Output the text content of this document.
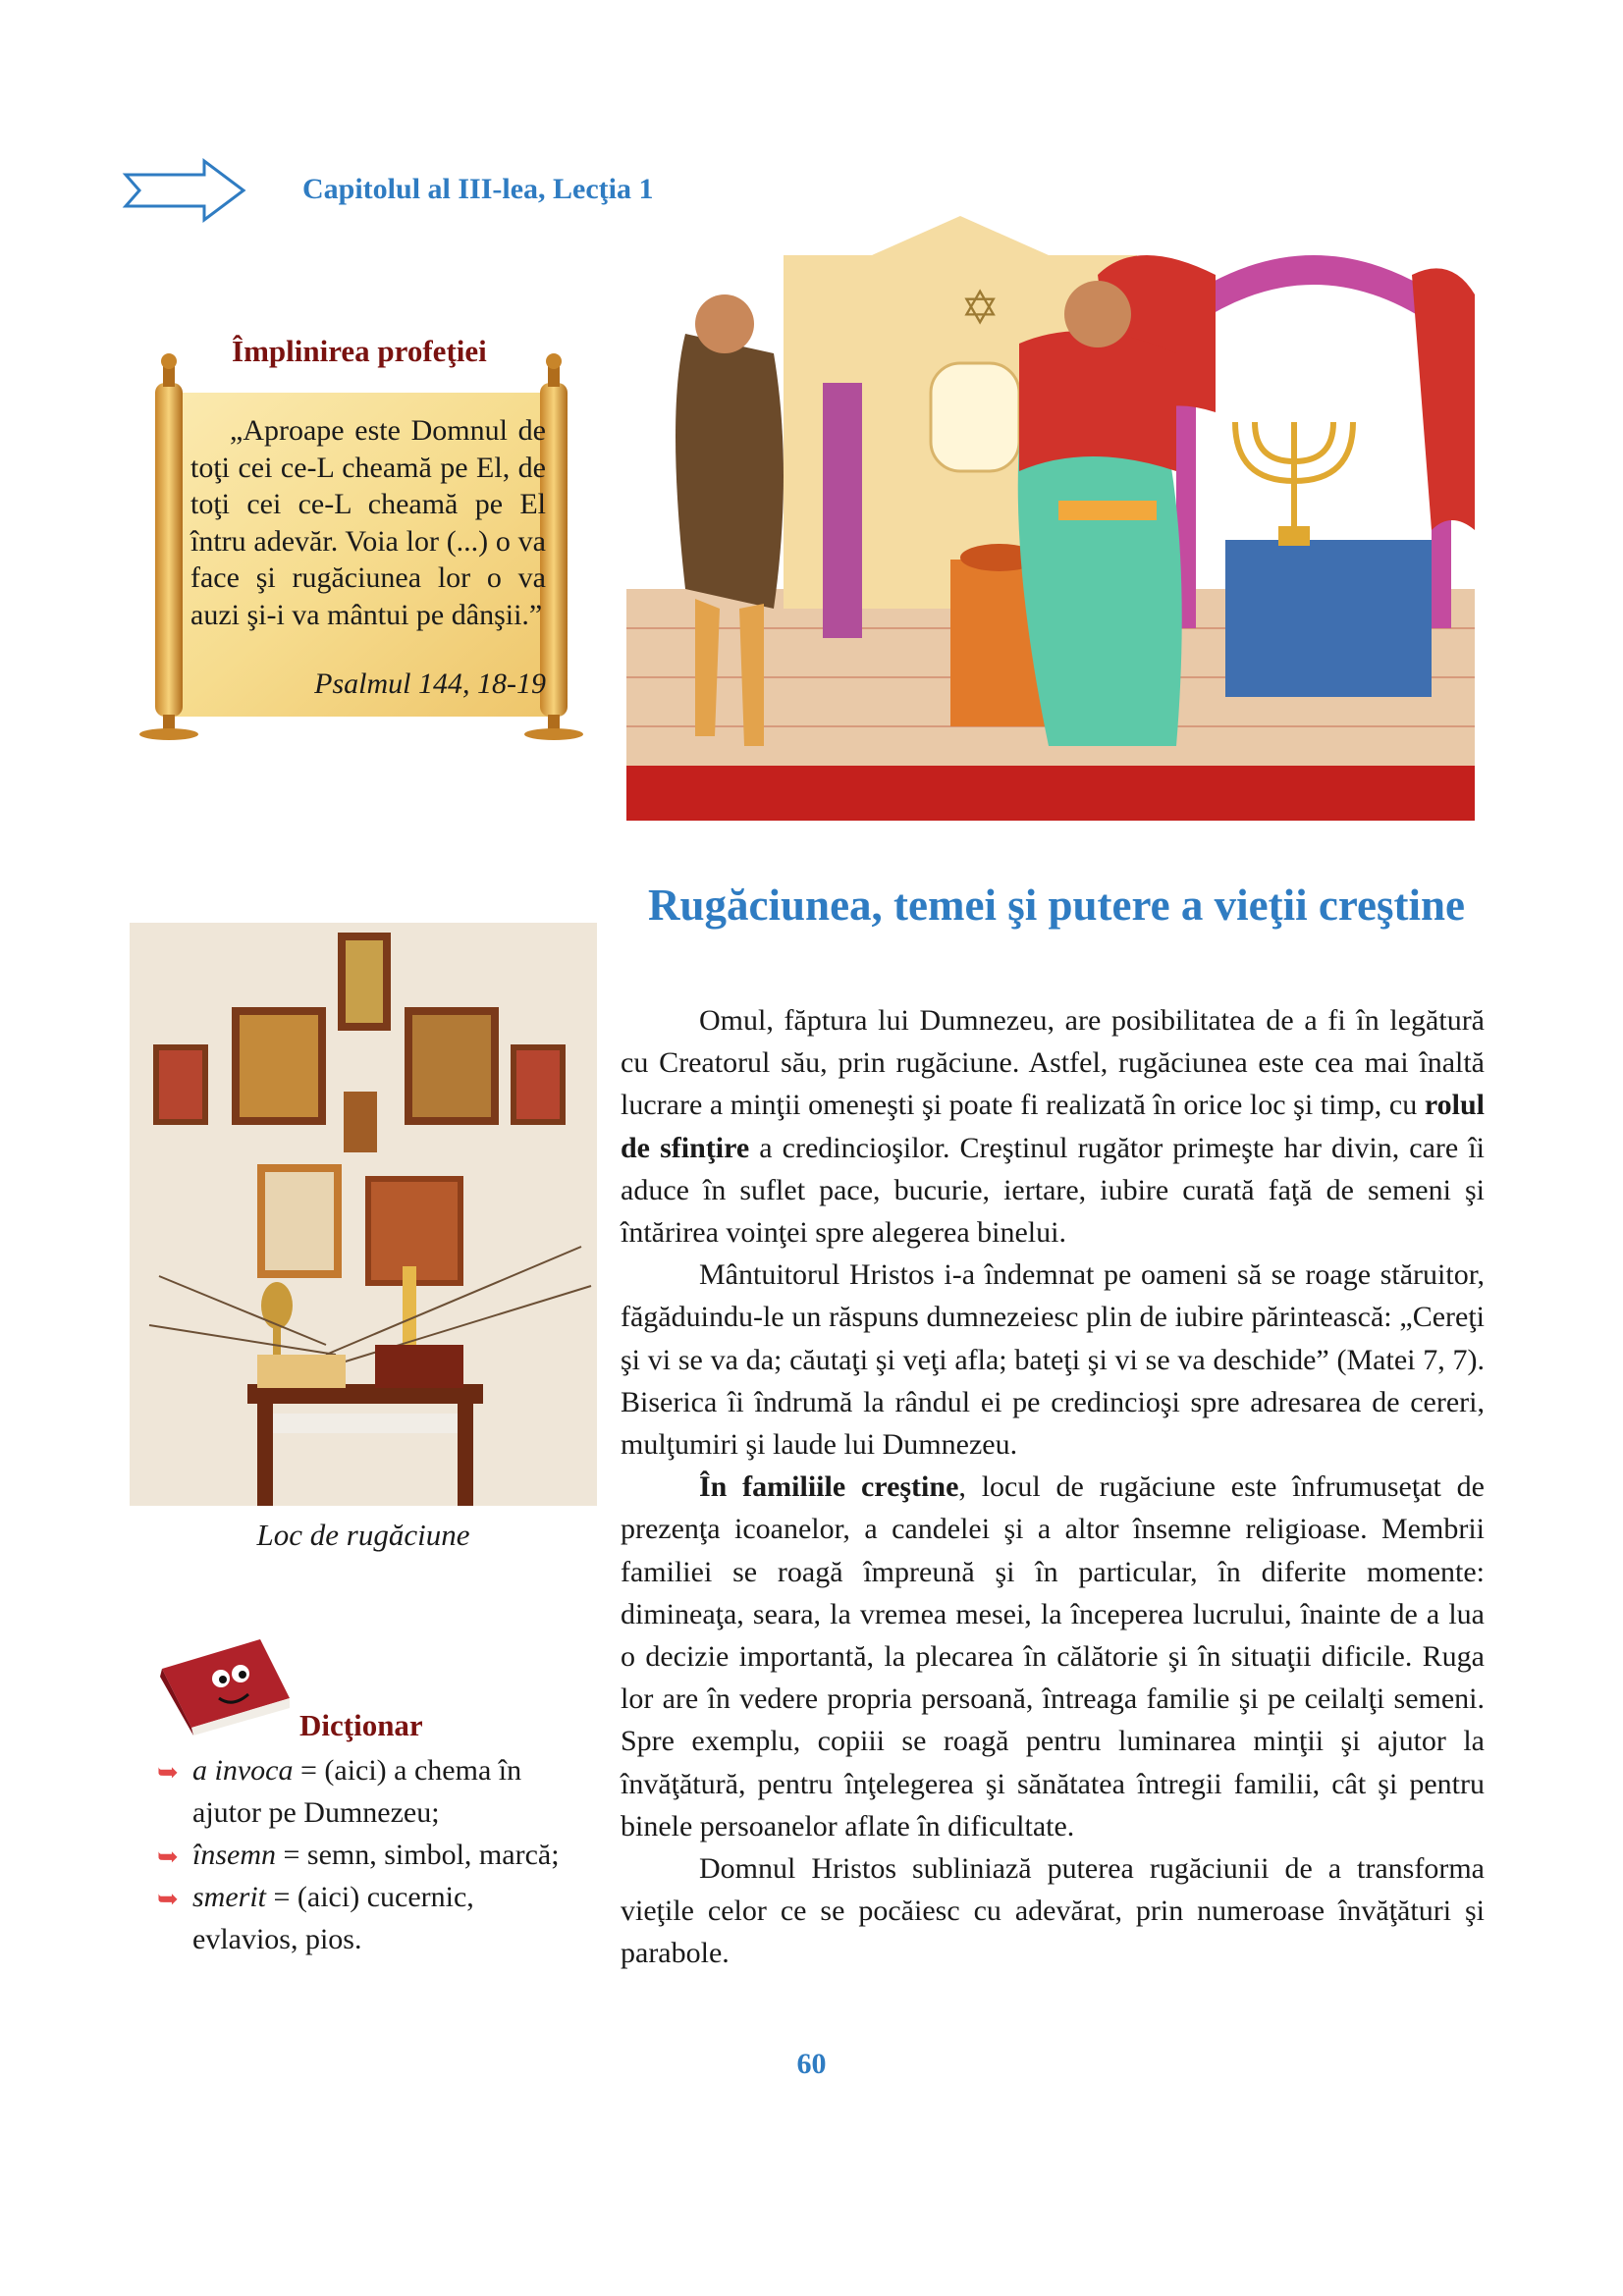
Capitolul al III-lea, Lecţia 1
Împlinirea profeţiei
„Aproape este Domnul de toţi cei ce-L cheamă pe El, de toţi cei ce-L cheamă pe El întru adevăr. Voia lor (...) o va face şi rugăciunea lor o va auzi şi-i va mântui pe dânşii.”
Psalmul 144, 18-19
✡
Loc de rugăciune
Dicţionar
➥ a invoca = (aici) a chema în ajutor pe Dumnezeu;
➥ însemn = semn, simbol, marcă;
➥ smerit = (aici) cucernic, evlavios, pios.
Rugăciunea, temei şi putere a vieţii creştine

Omul, făptura lui Dumnezeu, are posibilitatea de a fi în legătură cu Creatorul său, prin rugăciune. Astfel, rugăciunea este cea mai înaltă lucrare a minţii omeneşti şi poate fi realizată în orice loc şi timp, cu rolul de sfinţire a credincioşilor. Creştinul rugător primeşte har divin, care îi aduce în suflet pace, bucurie, iertare, iubire curată faţă de semeni şi întărirea voinţei spre alegerea binelui.

Mântuitorul Hristos i-a îndemnat pe oameni să se roage stăruitor, făgăduindu-le un răspuns dumnezeiesc plin de iubire părintească: „Cereţi şi vi se va da; căutaţi şi veţi afla; bateţi şi vi se va deschide” (Matei 7, 7). Biserica îi îndrumă la rândul ei pe credincioşi spre adresarea de cereri, mulţumiri şi laude lui Dumnezeu.

În familiile creştine, locul de rugăciune este înfrumuseţat de prezenţa icoanelor, a candelei şi a altor însemne religioase. Membrii familiei se roagă împreună şi în particular, în diferite momente: dimineaţa, seara, la vremea mesei, la începerea lucrului, înainte de a lua o decizie importantă, la plecarea în călătorie şi în situaţii dificile. Ruga lor are în vedere propria persoană, întreaga familie şi pe ceilalţi semeni. Spre exemplu, copiii se roagă pentru luminarea minţii şi ajutor la învăţătură, pentru înţelegerea şi sănătatea întregii familii, cât şi pentru binele persoanelor aflate în dificultate.

Domnul Hristos subliniază puterea rugăciunii de a transforma vieţile celor ce se pocăiesc cu adevărat, prin numeroase învăţături şi parabole.

60
